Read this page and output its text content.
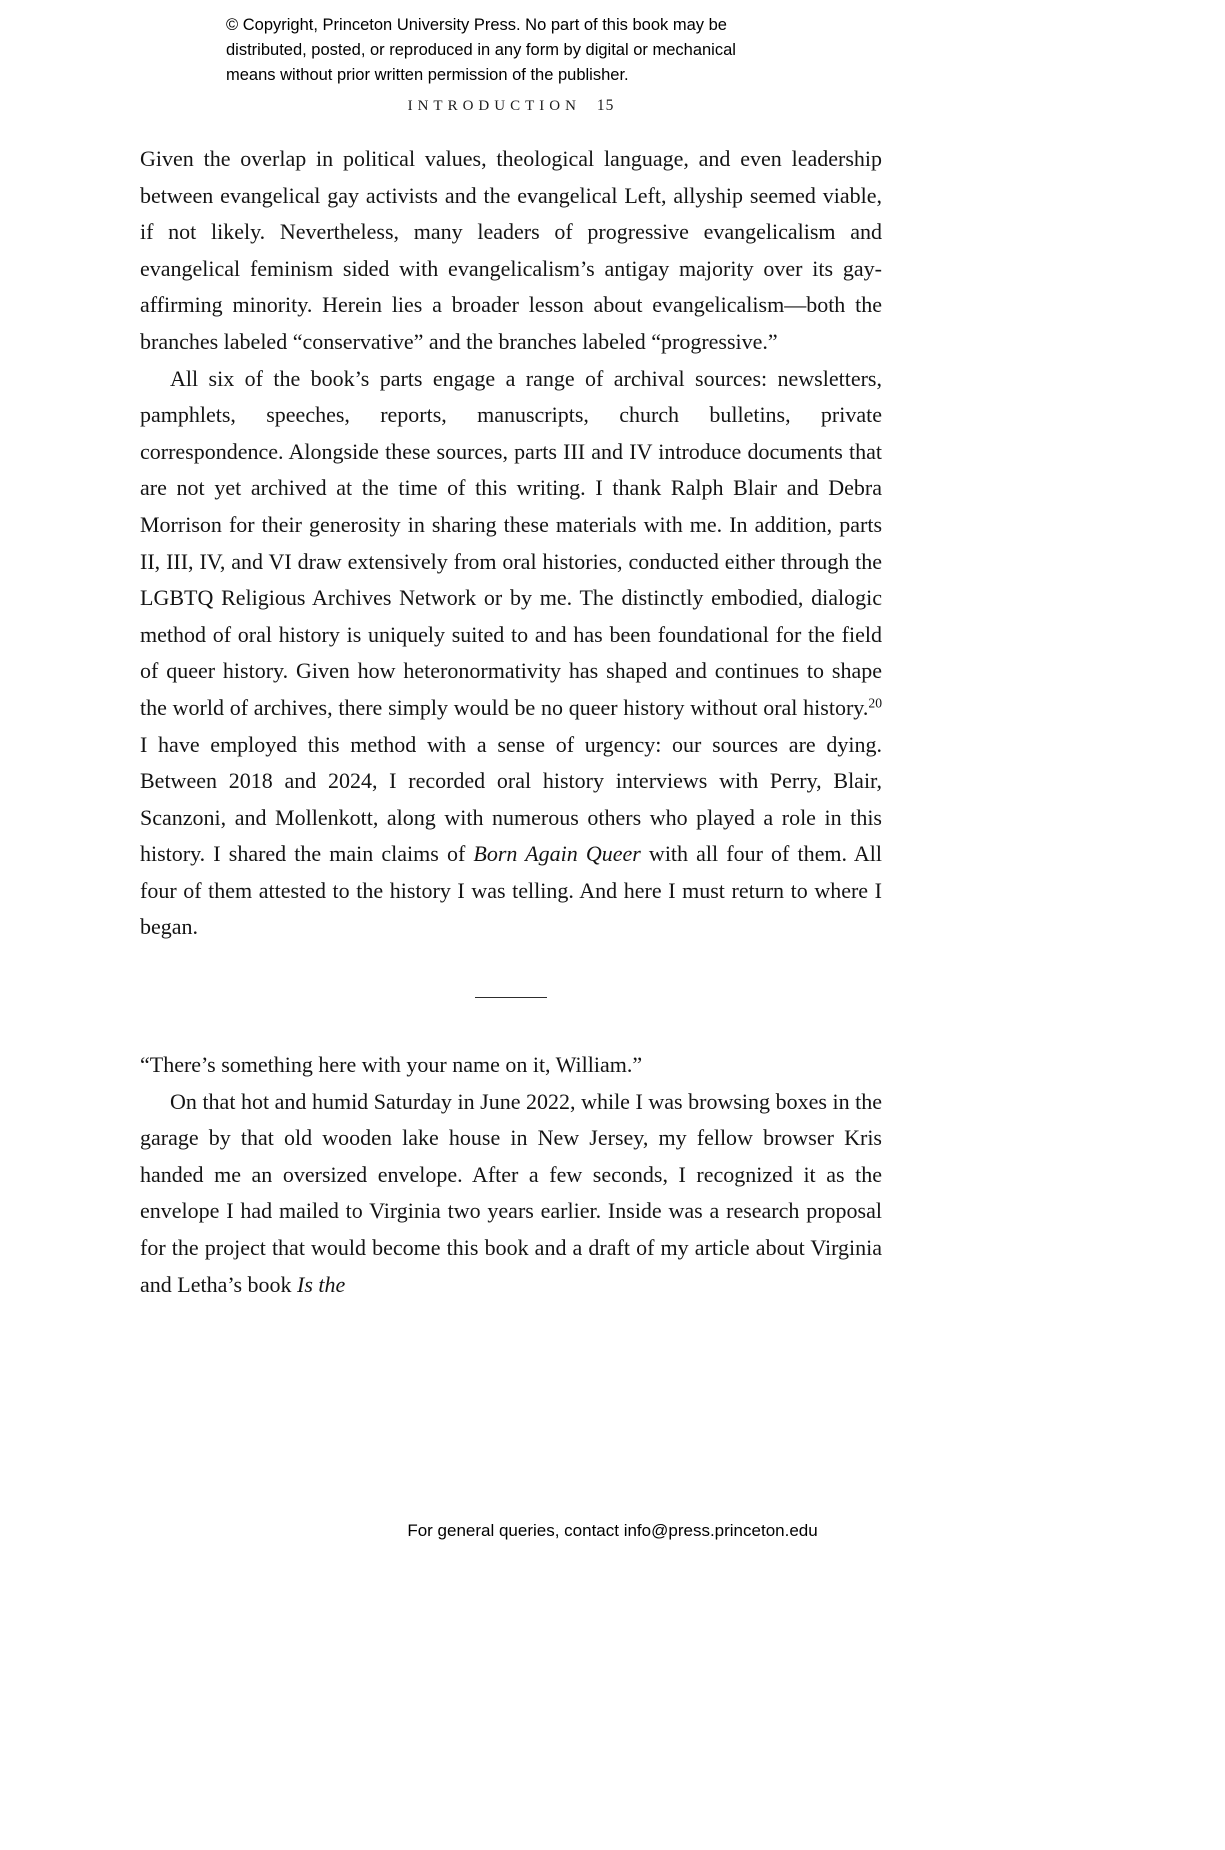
© Copyright, Princeton University Press. No part of this book may be
distributed, posted, or reproduced in any form by digital or mechanical
means without prior written permission of the publisher.
INTRODUCTION 15

Given the overlap in political values, theological language, and even leadership between evangelical gay activists and the evangelical Left, allyship seemed viable, if not likely. Nevertheless, many leaders of progressive evangelicalism and evangelical feminism sided with evangelicalism’s antigay majority over its gay-affirming minority. Herein lies a broader lesson about evangelicalism—both the branches labeled “conservative” and the branches labeled “progressive.”

All six of the book’s parts engage a range of archival sources: newsletters, pamphlets, speeches, reports, manuscripts, church bulletins, private correspondence. Alongside these sources, parts III and IV introduce documents that are not yet archived at the time of this writing. I thank Ralph Blair and Debra Morrison for their generosity in sharing these materials with me. In addition, parts II, III, IV, and VI draw extensively from oral histories, conducted either through the LGBTQ Religious Archives Network or by me. The distinctly embodied, dialogic method of oral history is uniquely suited to and has been foundational for the field of queer history. Given how heteronormativity has shaped and continues to shape the world of archives, there simply would be no queer history without oral history.$^{20}$ I have employed this method with a sense of urgency: our sources are dying. Between 2018 and 2024, I recorded oral history interviews with Perry, Blair, Scanzoni, and Mollenkott, along with numerous others who played a role in this history. I shared the main claims of Born Again Queer with all four of them. All four of them attested to the history I was telling. And here I must return to where I began.

“There’s something here with your name on it, William.”

On that hot and humid Saturday in June 2022, while I was browsing boxes in the garage by that old wooden lake house in New Jersey, my fellow browser Kris handed me an oversized envelope. After a few seconds, I recognized it as the envelope I had mailed to Virginia two years earlier. Inside was a research proposal for the project that would become this book and a draft of my article about Virginia and Letha’s book Is the

For general queries, contact info@press.princeton.edu
